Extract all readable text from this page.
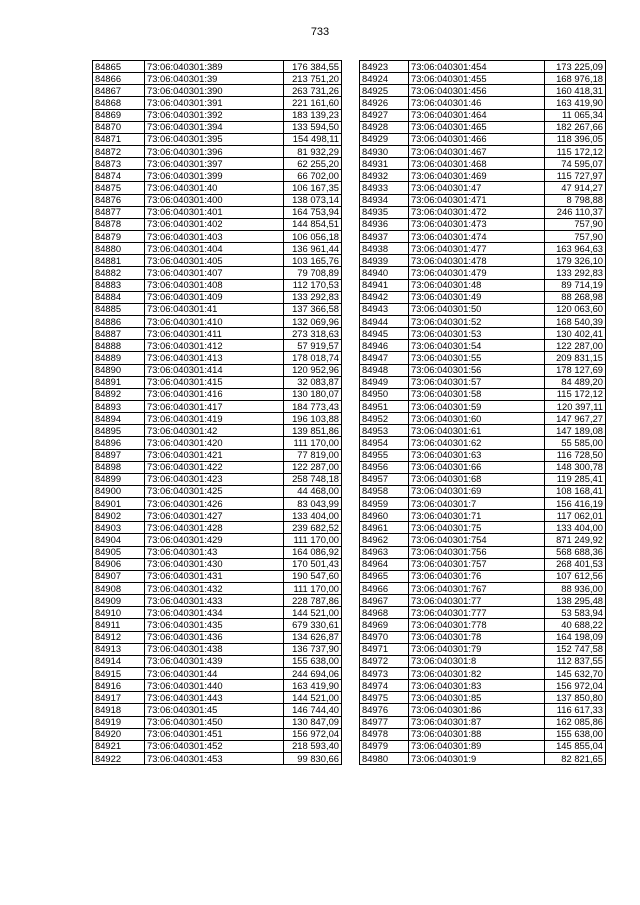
733
84865	73:06:040301:389	176 384,55
84866	73:06:040301:39	213 751,20
84867	73:06:040301:390	263 731,26
84868	73:06:040301:391	221 161,60
84869	73:06:040301:392	183 139,23
84870	73:06:040301:394	133 594,50
84871	73:06:040301:395	154 498,11
84872	73:06:040301:396	81 932,29
84873	73:06:040301:397	62 255,20
84874	73:06:040301:399	66 702,00
84875	73:06:040301:40	106 167,35
84876	73:06:040301:400	138 073,14
84877	73:06:040301:401	164 753,94
84878	73:06:040301:402	144 854,51
84879	73:06:040301:403	106 056,18
84880	73:06:040301:404	136 961,44
84881	73:06:040301:405	103 165,76
84882	73:06:040301:407	79 708,89
84883	73:06:040301:408	112 170,53
84884	73:06:040301:409	133 292,83
84885	73:06:040301:41	137 366,58
84886	73:06:040301:410	132 069,96
84887	73:06:040301:411	273 318,63
84888	73:06:040301:412	57 919,57
84889	73:06:040301:413	178 018,74
84890	73:06:040301:414	120 952,96
84891	73:06:040301:415	32 083,87
84892	73:06:040301:416	130 180,07
84893	73:06:040301:417	184 773,43
84894	73:06:040301:419	196 103,88
84895	73:06:040301:42	139 851,86
84896	73:06:040301:420	111 170,00
84897	73:06:040301:421	77 819,00
84898	73:06:040301:422	122 287,00
84899	73:06:040301:423	258 748,18
84900	73:06:040301:425	44 468,00
84901	73:06:040301:426	83 043,99
84902	73:06:040301:427	133 404,00
84903	73:06:040301:428	239 682,52
84904	73:06:040301:429	111 170,00
84905	73:06:040301:43	164 086,92
84906	73:06:040301:430	170 501,43
84907	73:06:040301:431	190 547,60
84908	73:06:040301:432	111 170,00
84909	73:06:040301:433	228 787,86
84910	73:06:040301:434	144 521,00
84911	73:06:040301:435	679 330,61
84912	73:06:040301:436	134 626,87
84913	73:06:040301:438	136 737,90
84914	73:06:040301:439	155 638,00
84915	73:06:040301:44	244 694,06
84916	73:06:040301:440	163 419,90
84917	73:06:040301:443	144 521,00
84918	73:06:040301:45	146 744,40
84919	73:06:040301:450	130 847,09
84920	73:06:040301:451	156 972,04
84921	73:06:040301:452	218 593,40
84922	73:06:040301:453	99 830,66
84923	73:06:040301:454	173 225,09
84924	73:06:040301:455	168 976,18
84925	73:06:040301:456	160 418,31
84926	73:06:040301:46	163 419,90
84927	73:06:040301:464	11 065,34
84928	73:06:040301:465	182 267,66
84929	73:06:040301:466	118 396,05
84930	73:06:040301:467	115 172,12
84931	73:06:040301:468	74 595,07
84932	73:06:040301:469	115 727,97
84933	73:06:040301:47	47 914,27
84934	73:06:040301:471	8 798,88
84935	73:06:040301:472	246 110,37
84936	73:06:040301:473	757,90
84937	73:06:040301:474	757,90
84938	73:06:040301:477	163 964,63
84939	73:06:040301:478	179 326,10
84940	73:06:040301:479	133 292,83
84941	73:06:040301:48	89 714,19
84942	73:06:040301:49	88 268,98
84943	73:06:040301:50	120 063,60
84944	73:06:040301:52	168 540,39
84945	73:06:040301:53	130 402,41
84946	73:06:040301:54	122 287,00
84947	73:06:040301:55	209 831,15
84948	73:06:040301:56	178 127,69
84949	73:06:040301:57	84 489,20
84950	73:06:040301:58	115 172,12
84951	73:06:040301:59	120 397,11
84952	73:06:040301:60	147 967,27
84953	73:06:040301:61	147 189,08
84954	73:06:040301:62	55 585,00
84955	73:06:040301:63	116 728,50
84956	73:06:040301:66	148 300,78
84957	73:06:040301:68	119 285,41
84958	73:06:040301:69	108 168,41
84959	73:06:040301:7	156 416,19
84960	73:06:040301:71	117 062,01
84961	73:06:040301:75	133 404,00
84962	73:06:040301:754	871 249,92
84963	73:06:040301:756	568 688,36
84964	73:06:040301:757	268 401,53
84965	73:06:040301:76	107 612,56
84966	73:06:040301:767	88 936,00
84967	73:06:040301:77	138 295,48
84968	73:06:040301:777	53 583,94
84969	73:06:040301:778	40 688,22
84970	73:06:040301:78	164 198,09
84971	73:06:040301:79	152 747,58
84972	73:06:040301:8	112 837,55
84973	73:06:040301:82	145 632,70
84974	73:06:040301:83	156 972,04
84975	73:06:040301:85	137 850,80
84976	73:06:040301:86	116 617,33
84977	73:06:040301:87	162 085,86
84978	73:06:040301:88	155 638,00
84979	73:06:040301:89	145 855,04
84980	73:06:040301:9	82 821,65
